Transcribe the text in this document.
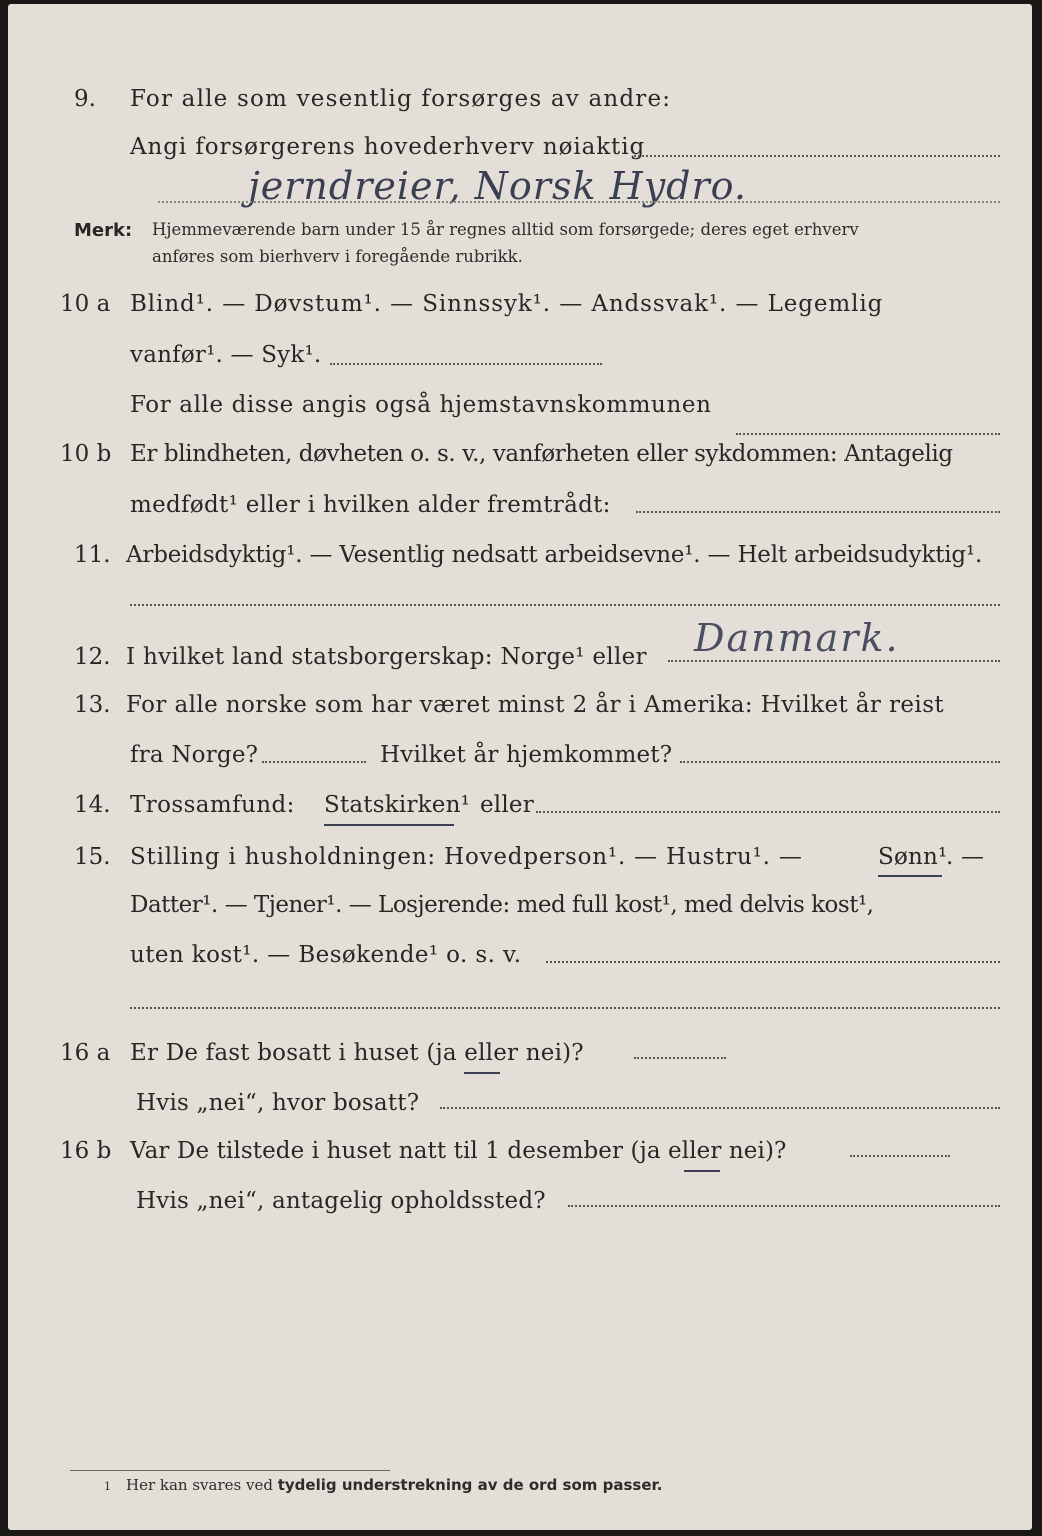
9. For alle som vesentlig forsørges av andre:
Angi forsørgerens hovederhverv nøiaktig
jerndreier, Norsk Hydro.
Merk: Hjemmeværende barn under 15 år regnes alltid som forsørgede; deres eget erhverv
anføres som bierhverv i foregående rubrikk.
10 a Blind¹. — Døvstum¹. — Sinnssyk¹. — Andssvak¹. — Legemlig
vanfør¹. — Syk¹.
For alle disse angis også hjemstavnskommunen
10 b Er blindheten, døvheten o. s. v., vanførheten eller sykdommen: Antagelig
medfødt¹ eller i hvilken alder fremtrådt:
11. Arbeidsdyktig¹. — Vesentlig nedsatt arbeidsevne¹. — Helt arbeidsudyktig¹.
12. I hvilket land statsborgerskap: Norge¹ eller Danmark.
13. For alle norske som har været minst 2 år i Amerika: Hvilket år reist
fra Norge?	Hvilket år hjemkommet?
14. Trossamfund: Statskirken¹ eller
15. Stilling i husholdningen: Hovedperson¹. — Hustru¹. —	Sønn¹
. —
Datter¹. — Tjener¹. — Losjerende: med full kost¹, med delvis kost¹,
uten kost¹. — Besøkende¹ o. s. v.
16 a Er De fast bosatt i huset (ja eller nei)?
Hvis „nei“, hvor bosatt?
16 b Var De tilstede i huset natt til 1 desember (ja eller nei)?
Hvis „nei“, antagelig opholdssted?
1 Her kan svares ved tydelig understrekning av de ord som passer.
